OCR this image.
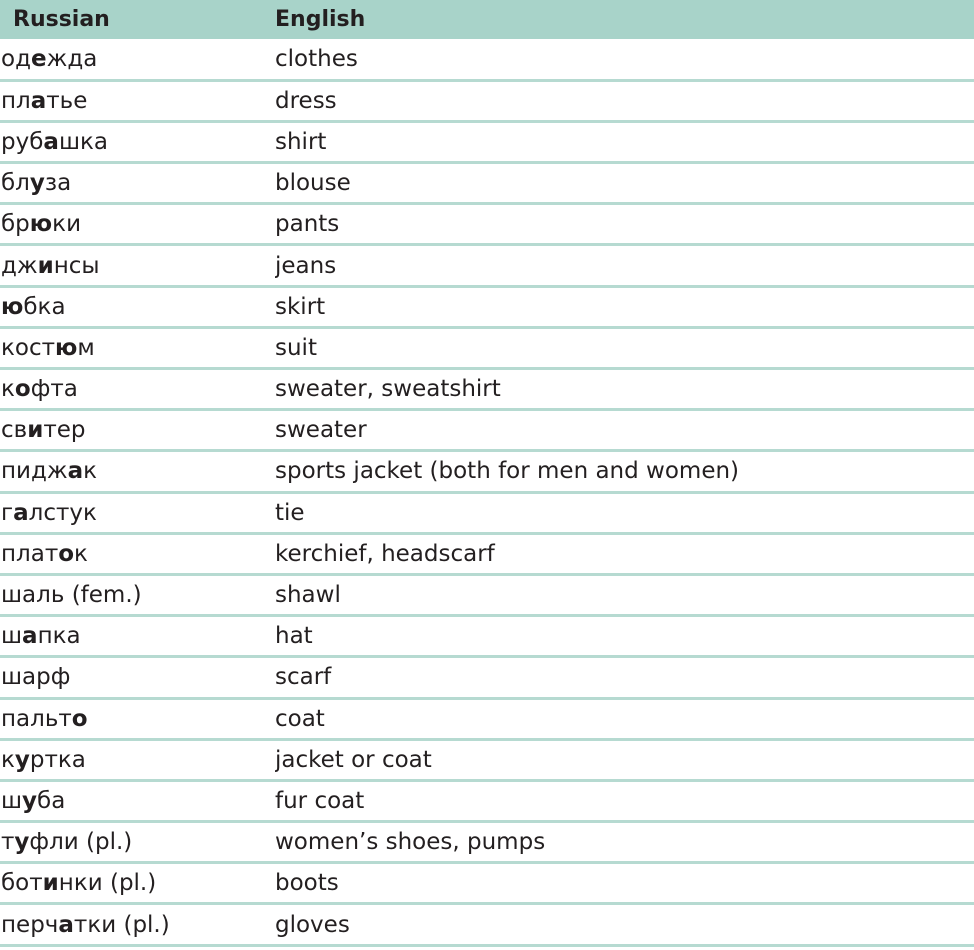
Russian	English
одежда	clothes
платье	dress
рубашка	shirt
блуза	blouse
брюки	pants
джинсы	jeans
юбка	skirt
костюм	suit
кофта	sweater, sweatshirt
свитер	sweater
пиджак	sports jacket (both for men and women)
галстук	tie
платок	kerchief, headscarf
шаль (fem.)	shawl
шапка	hat
шарф	scarf
пальто	coat
куртка	jacket or coat
шуба	fur coat
туфли (pl.)	women’s shoes, pumps
ботинки (pl.)	boots
перчатки (pl.)	gloves
